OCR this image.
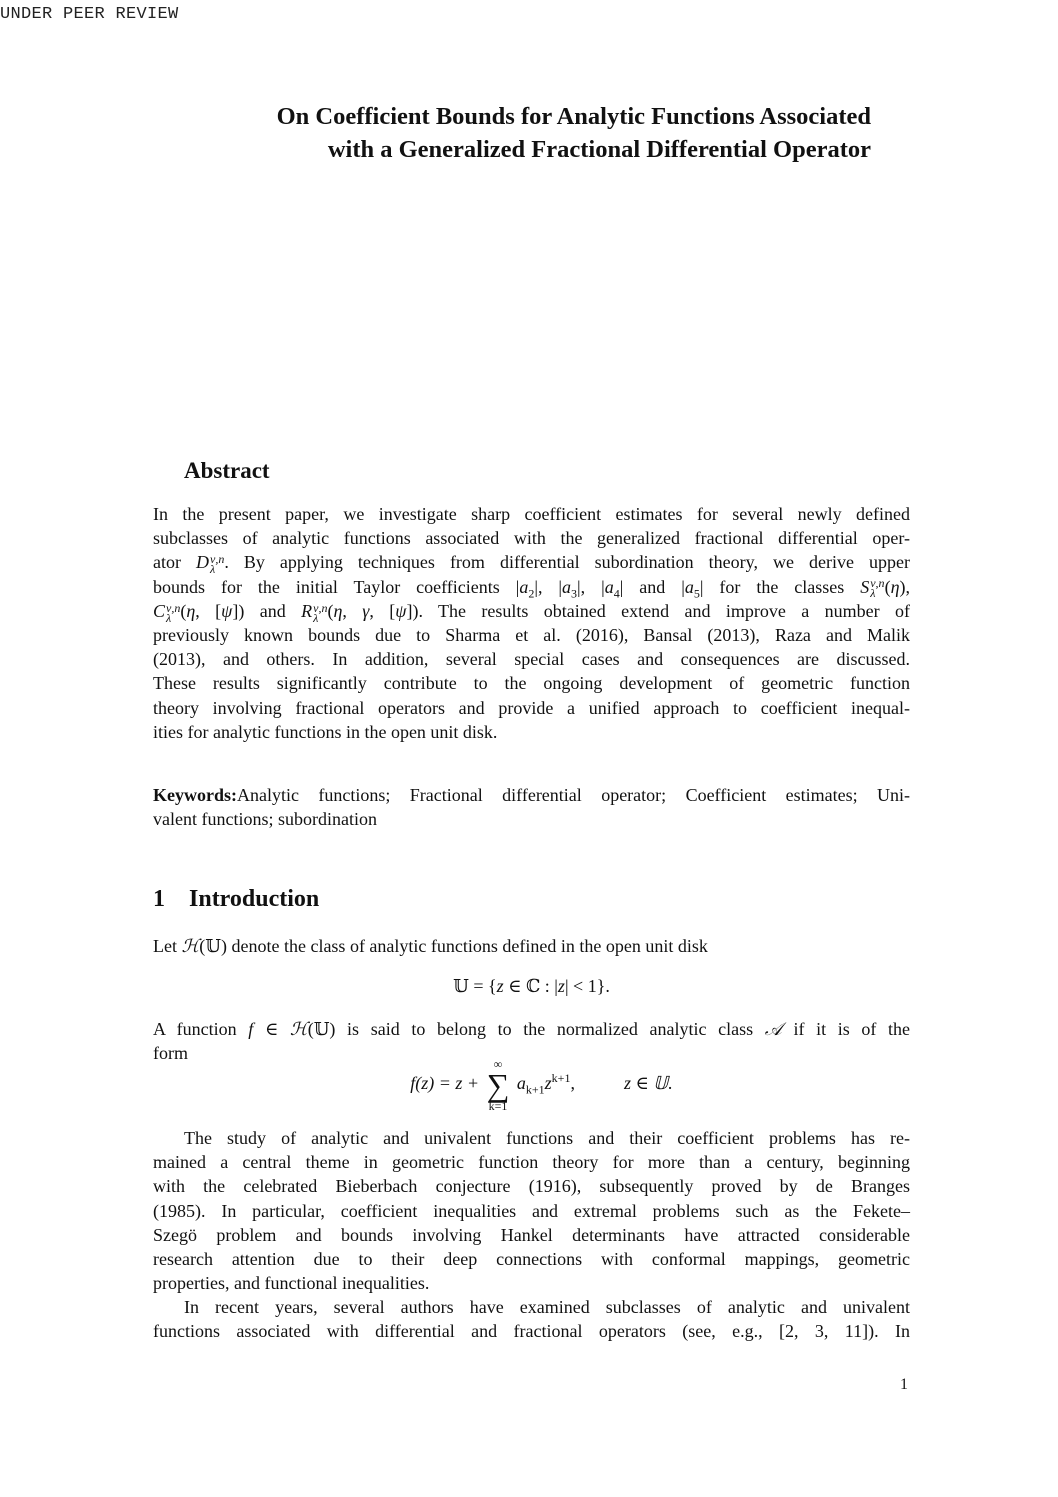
UNDER PEER REVIEW
On Coefficient Bounds for Analytic Functions Associated
with a Generalized Fractional Differential Operator
Abstract
In the present paper, we investigate sharp coefficient estimates for several newly defined
subclasses of analytic functions associated with the generalized fractional differential oper-
ator D ν,n
λ . By applying techniques from differential subordination theory, we derive upper
bounds for the initial Taylor coefficients $|a_2|$, $|a_3|$, $|a_4|$ and $|a_5|$ for the classes S ν,n
λ (η),
C ν,n
λ (η, [ψ]) and R ν,n
λ (η, γ, [ψ]). The results obtained extend and improve a number of
previously known bounds due to Sharma et al. (2016), Bansal (2013), Raza and Malik
(2013), and others. In addition, several special cases and consequences are discussed.
These results significantly contribute to the ongoing development of geometric function
theory involving fractional operators and provide a unified approach to coefficient inequal-
ities for analytic functions in the open unit disk.
Keywords:Analytic functions; Fractional differential operator; Coefficient estimates; Uni-
valent functions; subordination
1    Introduction
Let ℋ(𝕌) denote the class of analytic functions defined in the open unit disk
𝕌 = {z ∈ ℂ : |z| < 1}.
A function f ∈ ℋ(𝕌) is said to belong to the normalized analytic class 𝒜 if it is of the
form
f(z) = z +
∞
∑
k=1
$a_{k+1}z^{k+1}$,	z ∈ 𝕌.
The study of analytic and univalent functions and their coefficient problems has re-
mained a central theme in geometric function theory for more than a century, beginning
with the celebrated Bieberbach conjecture (1916), subsequently proved by de Branges
(1985). In particular, coefficient inequalities and extremal problems such as the Fekete–
Szegö problem and bounds involving Hankel determinants have attracted considerable
research attention due to their deep connections with conformal mappings, geometric
properties, and functional inequalities.
In recent years, several authors have examined subclasses of analytic and univalent
functions associated with differential and fractional operators (see, e.g., [2, 3, 11]). In
1
